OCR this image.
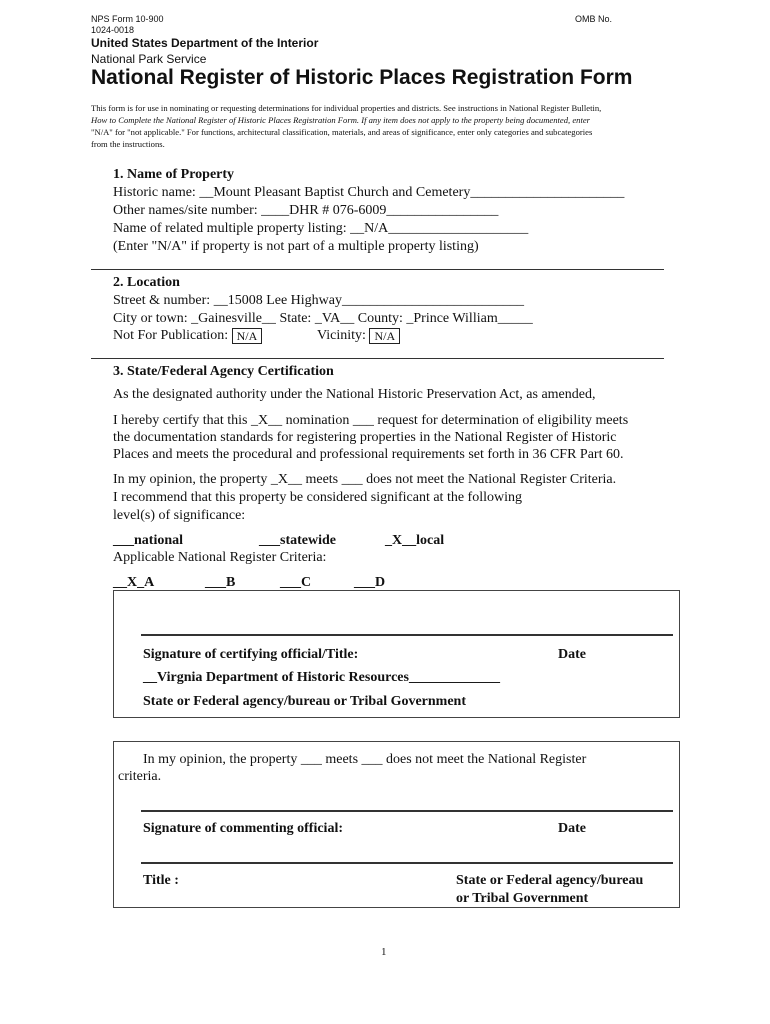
NPS Form 10-900	OMB No.
1024-0018
United States Department of the Interior
National Park Service
National Register of Historic Places Registration Form
This form is for use in nominating or requesting determinations for individual properties and districts. See instructions in National Register Bulletin,
How to Complete the National Register of Historic Places Registration Form. If any item does not apply to the property being documented, enter
"N/A" for "not applicable." For functions, architectural classification, materials, and areas of significance, enter only categories and subcategories
from the instructions.
1. Name of Property
Historic name: __Mount Pleasant Baptist Church and Cemetery______________________
Other names/site number: ____DHR # 076-6009________________
Name of related multiple property listing: __N/A____________________
(Enter "N/A" if property is not part of a multiple property listing)
2. Location
Street & number: __15008 Lee Highway__________________________
City or town: _Gainesville__ State: _VA__ County: _Prince William_____
Not For Publication: N/A	Vicinity: N/A
3. State/Federal Agency Certification
As the designated authority under the National Historic Preservation Act, as amended,
I hereby certify that this _X__ nomination ___ request for determination of eligibility meets
the documentation standards for registering properties in the National Register of Historic
Places and meets the procedural and professional requirements set forth in 36 CFR Part 60.
In my opinion, the property _X__ meets ___ does not meet the National Register Criteria.
I recommend that this property be considered significant at the following
level(s) of significance:
___national	___statewide	_X__local
Applicable National Register Criteria:
__X_A	___B	___C	___D
Signature of certifying official/Title:	Date
__Virgnia Department of Historic Resources_____________
State or Federal agency/bureau or Tribal Government
In my opinion, the property ___ meets ___ does not meet the National Register
criteria.
Signature of commenting official:	Date
Title :	State or Federal agency/bureau
or Tribal Government
1
